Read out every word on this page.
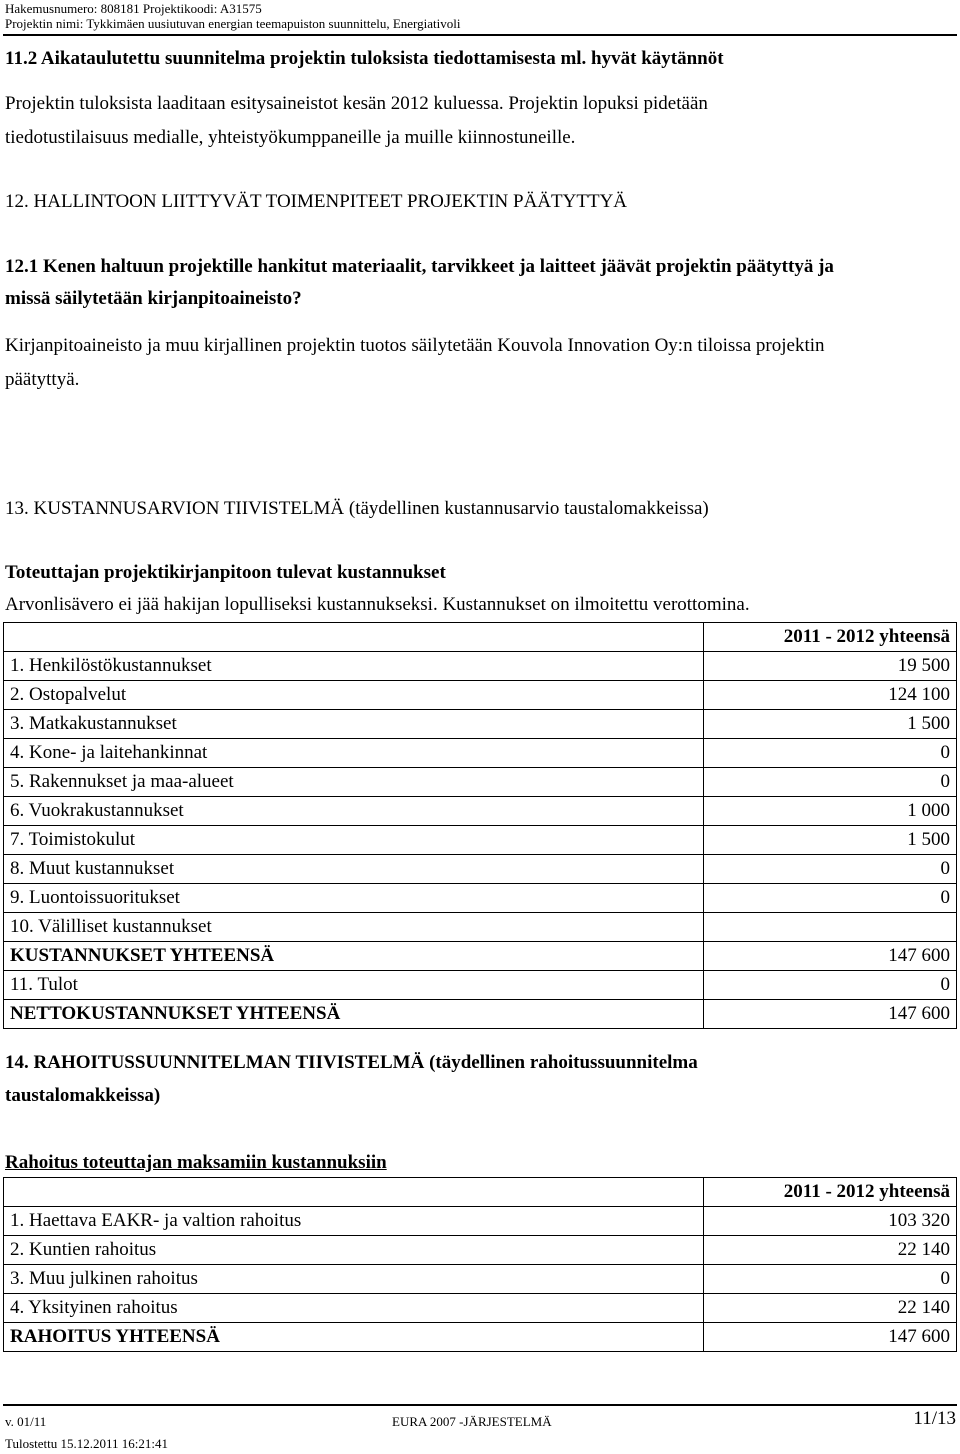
Hakemusnumero: 808181 Projektikoodi: A31575
Projektin nimi: Tykkimäen uusiutuvan energian teemapuiston suunnittelu, Energiativoli
11.2 Aikataulutettu suunnitelma projektin tuloksista tiedottamisesta ml. hyvät käytännöt
Projektin tuloksista laaditaan esitysaineistot kesän 2012 kuluessa. Projektin lopuksi pidetään
tiedotustilaisuus medialle, yhteistyökumppaneille ja muille kiinnostuneille.
12. HALLINTOON LIITTYVÄT TOIMENPITEET PROJEKTIN PÄÄTYTTYÄ
12.1 Kenen haltuun projektille hankitut materiaalit, tarvikkeet ja laitteet jäävät projektin päätyttyä ja
missä säilytetään kirjanpitoaineisto?
Kirjanpitoaineisto ja muu kirjallinen projektin tuotos säilytetään Kouvola Innovation Oy:n tiloissa projektin
päätyttyä.
13. KUSTANNUSARVION TIIVISTELMÄ (täydellinen kustannusarvio taustalomakkeissa)
Toteuttajan projektikirjanpitoon tulevat kustannukset
Arvonlisävero ei jää hakijan lopulliseksi kustannukseksi. Kustannukset on ilmoitettu verottomina.
	2011 - 2012 yhteensä
1. Henkilöstökustannukset	19 500
2. Ostopalvelut	124 100
3. Matkakustannukset	1 500
4. Kone- ja laitehankinnat	0
5. Rakennukset ja maa-alueet	0
6. Vuokrakustannukset	1 000
7. Toimistokulut	1 500
8. Muut kustannukset	0
9. Luontoissuoritukset	0
10. Välilliset kustannukset	
KUSTANNUKSET YHTEENSÄ	147 600
11. Tulot	0
NETTOKUSTANNUKSET YHTEENSÄ	147 600
14. RAHOITUSSUUNNITELMAN TIIVISTELMÄ (täydellinen rahoitussuunnitelma
taustalomakkeissa)
Rahoitus toteuttajan maksamiin kustannuksiin
	2011 - 2012 yhteensä
1. Haettava EAKR- ja valtion rahoitus	103 320
2. Kuntien rahoitus	22 140
3. Muu julkinen rahoitus	0
4. Yksityinen rahoitus	22 140
RAHOITUS YHTEENSÄ	147 600
v. 01/11	EURA 2007 -JÄRJESTELMÄ	11/13
Tulostettu 15.12.2011 16:21:41
